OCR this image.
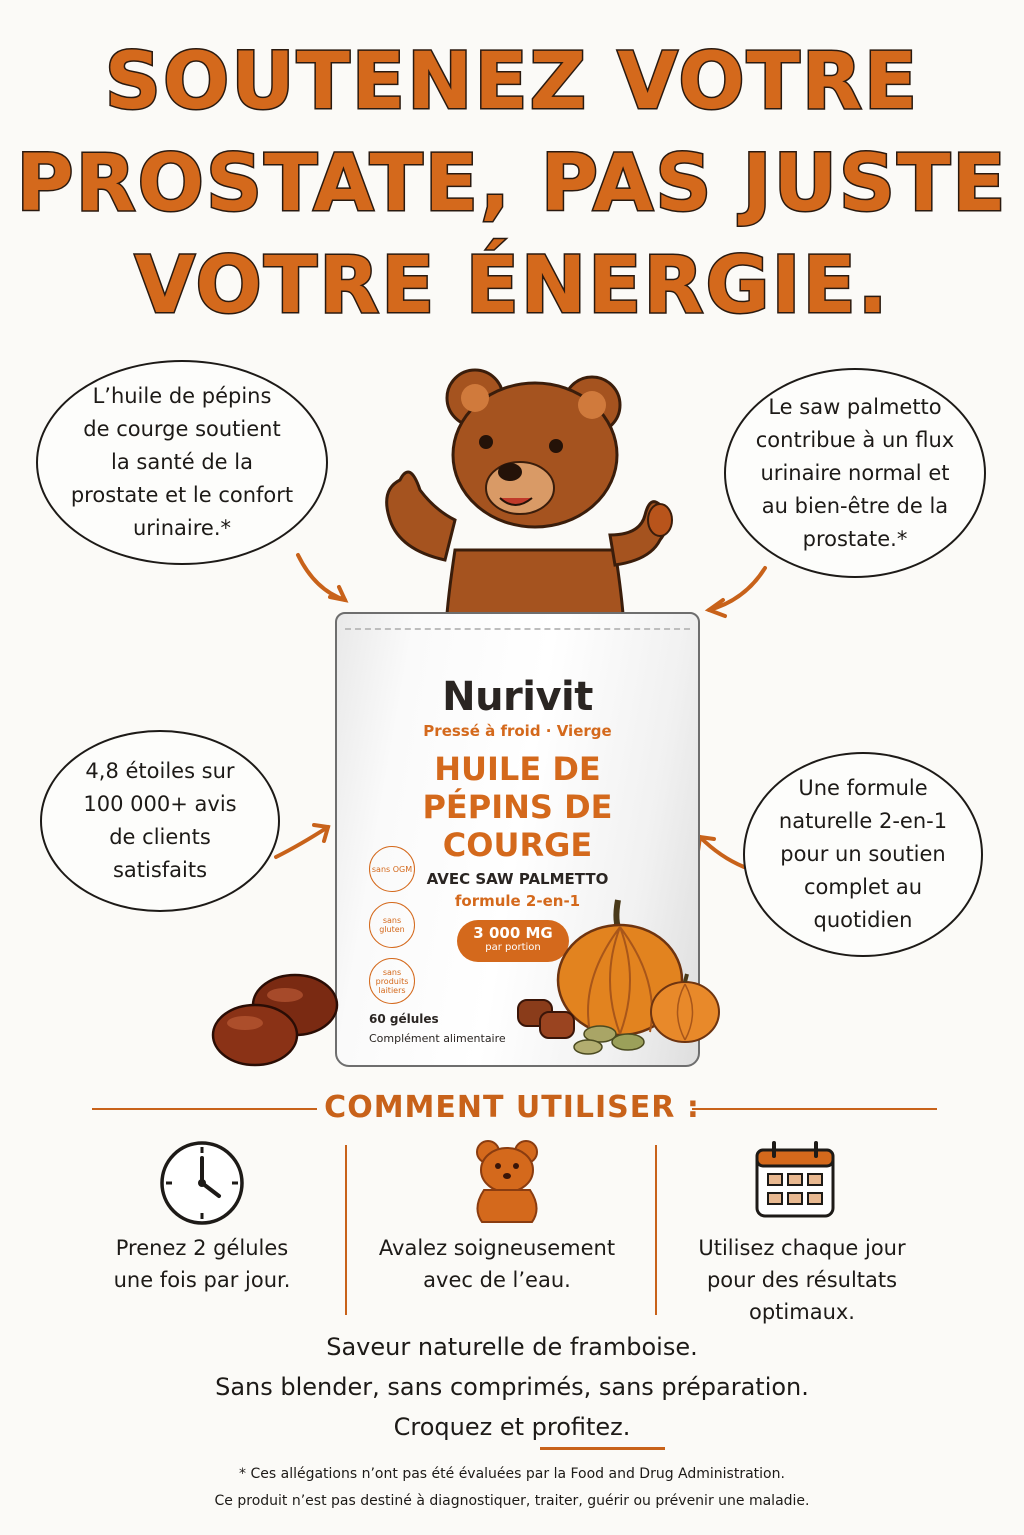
SOUTENEZ VOTRE
PROSTATE, PAS JUSTE
VOTRE ÉNERGIE.
L’huile de pépins
de courge soutient
la santé de la
prostate et le confort
urinaire.*
Le saw palmetto
contribue à un flux
urinaire normal et
au bien-être de la
prostate.*
4,8 étoiles sur
100 000+ avis
de clients
satisfaits
Une formule
naturelle 2-en-1
pour un soutien
complet au
quotidien
Nurivit
Pressé à froid · Vierge
HUILE DE
PÉPINS DE
COURGE
AVEC SAW PALMETTO
formule 2-en-1
3 000 MG
par portion
sans OGM
sans gluten
sans produits laitiers
60 gélules
Complément alimentaire
COMMENT UTILISER :
Prenez 2 gélules
une fois par jour.
Avalez soigneusement
avec de l’eau.
Utilisez chaque jour
pour des résultats
optimaux.
Saveur naturelle de framboise.
Sans blender, sans comprimés, sans préparation.
Croquez et profitez.
* Ces allégations n’ont pas été évaluées par la Food and Drug Administration.
Ce produit n’est pas destiné à diagnostiquer, traiter, guérir ou prévenir une maladie.
